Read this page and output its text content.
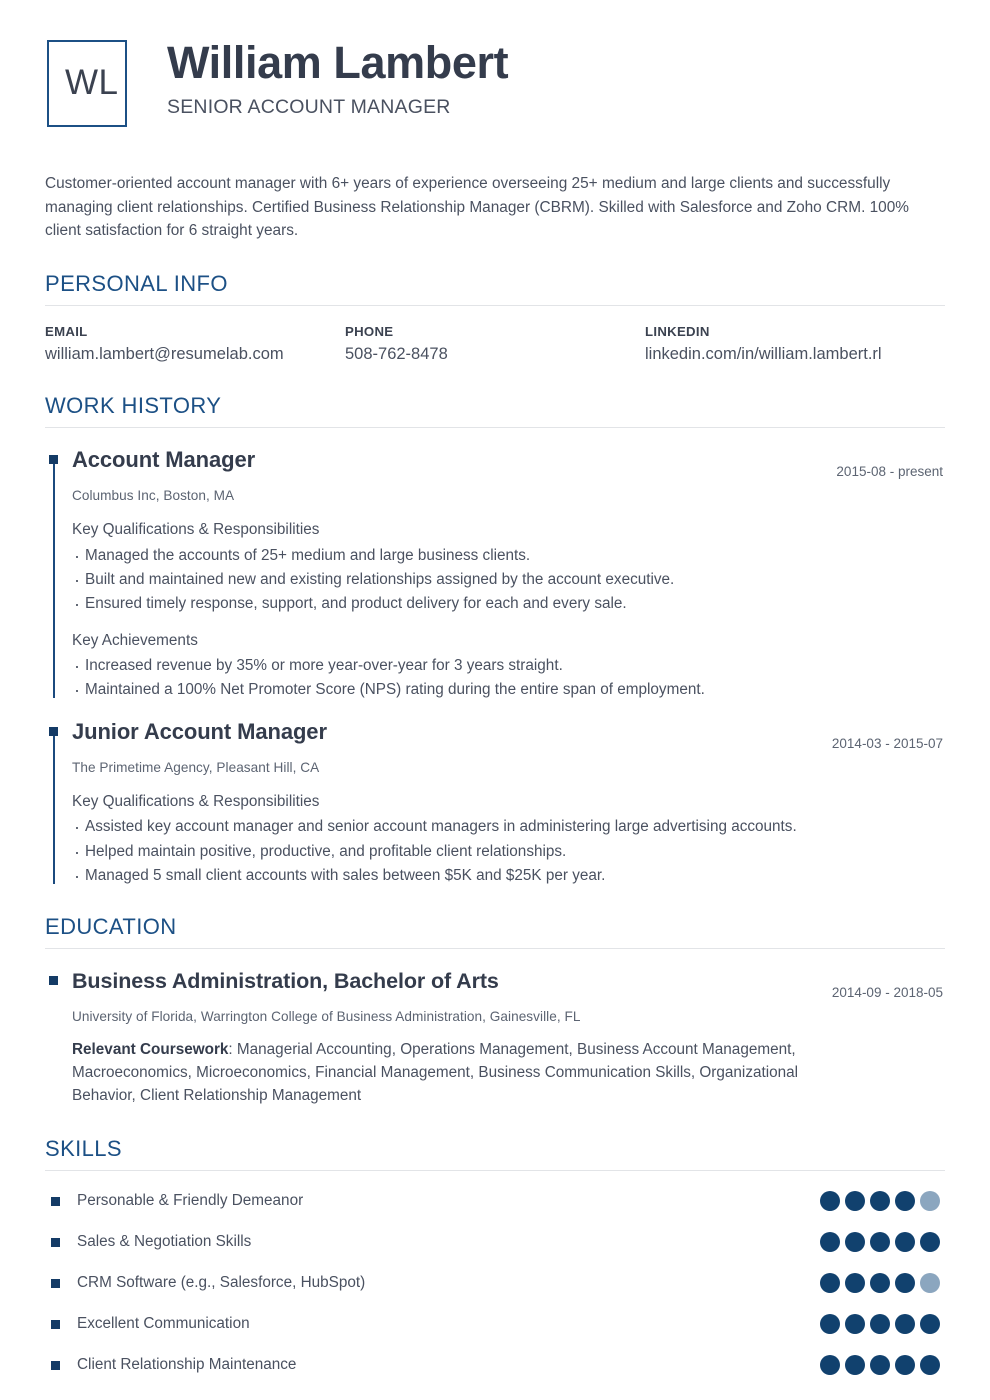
WL William Lambert
SENIOR ACCOUNT MANAGER
Customer-oriented account manager with 6+ years of experience overseeing 25+ medium and large clients and successfully managing client relationships. Certified Business Relationship Manager (CBRM). Skilled with Salesforce and Zoho CRM. 100% client satisfaction for 6 straight years.
PERSONAL INFO
EMAIL
william.lambert@resumelab.com
PHONE
508-762-8478
LINKEDIN
linkedin.com/in/william.lambert.rl
WORK HISTORY
Account Manager	2015-08 - present
Columbus Inc, Boston, MA
Key Qualifications & Responsibilities
· Managed the accounts of 25+ medium and large business clients.
· Built and maintained new and existing relationships assigned by the account executive.
· Ensured timely response, support, and product delivery for each and every sale.
Key Achievements
· Increased revenue by 35% or more year-over-year for 3 years straight.
· Maintained a 100% Net Promoter Score (NPS) rating during the entire span of employment.
Junior Account Manager	2014-03 - 2015-07
The Primetime Agency, Pleasant Hill, CA
Key Qualifications & Responsibilities
· Assisted key account manager and senior account managers in administering large advertising accounts.
· Helped maintain positive, productive, and profitable client relationships.
· Managed 5 small client accounts with sales between $5K and $25K per year.
EDUCATION
Business Administration, Bachelor of Arts	2014-09 - 2018-05
University of Florida, Warrington College of Business Administration, Gainesville, FL
Relevant Coursework: Managerial Accounting, Operations Management, Business Account Management, Macroeconomics, Microeconomics, Financial Management, Business Communication Skills, Organizational Behavior, Client Relationship Management
SKILLS
Personable & Friendly Demeanor
Sales & Negotiation Skills
CRM Software (e.g., Salesforce, HubSpot)
Excellent Communication
Client Relationship Maintenance
